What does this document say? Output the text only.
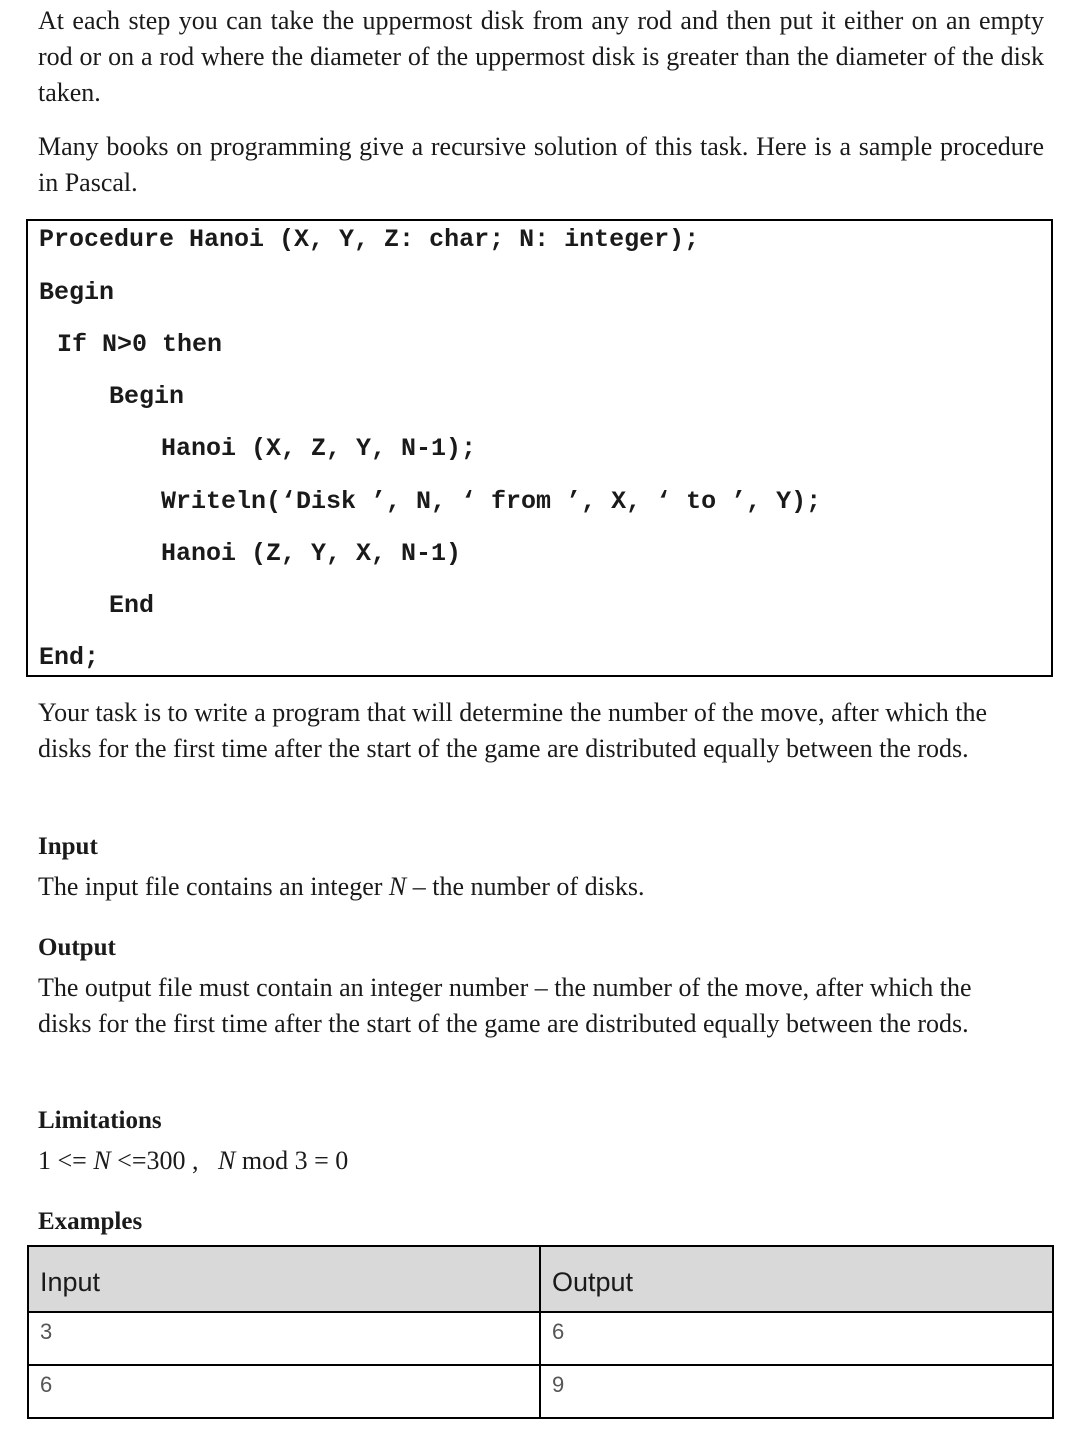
At each step you can take the uppermost disk from any rod and then put it either on an empty rod or on a rod where the diameter of the uppermost disk is greater than the diameter of the disk taken.

Many books on programming give a recursive solution of this task. Here is a sample procedure in Pascal.

Procedure Hanoi (X, Y, Z: char; N: integer);

Begin

If N>0 then

Begin

Hanoi (X, Z, Y, N-1);

Writeln(‘Disk ’, N, ‘ from ’, X, ‘ to ’, Y);

Hanoi (Z, Y, X, N-1)

End

End;

Your task is to write a program that will determine the number of the move, after which the disks for the first time after the start of the game are distributed equally between the rods.

Input

The input file contains an integer N – the number of disks.

Output

The output file must contain an integer number – the number of the move, after which the disks for the first time after the start of the game are distributed equally between the rods.

Limitations

1 <= N <=300 ,   N mod 3 = 0

Examples
Input	Output
3	6
6	9
